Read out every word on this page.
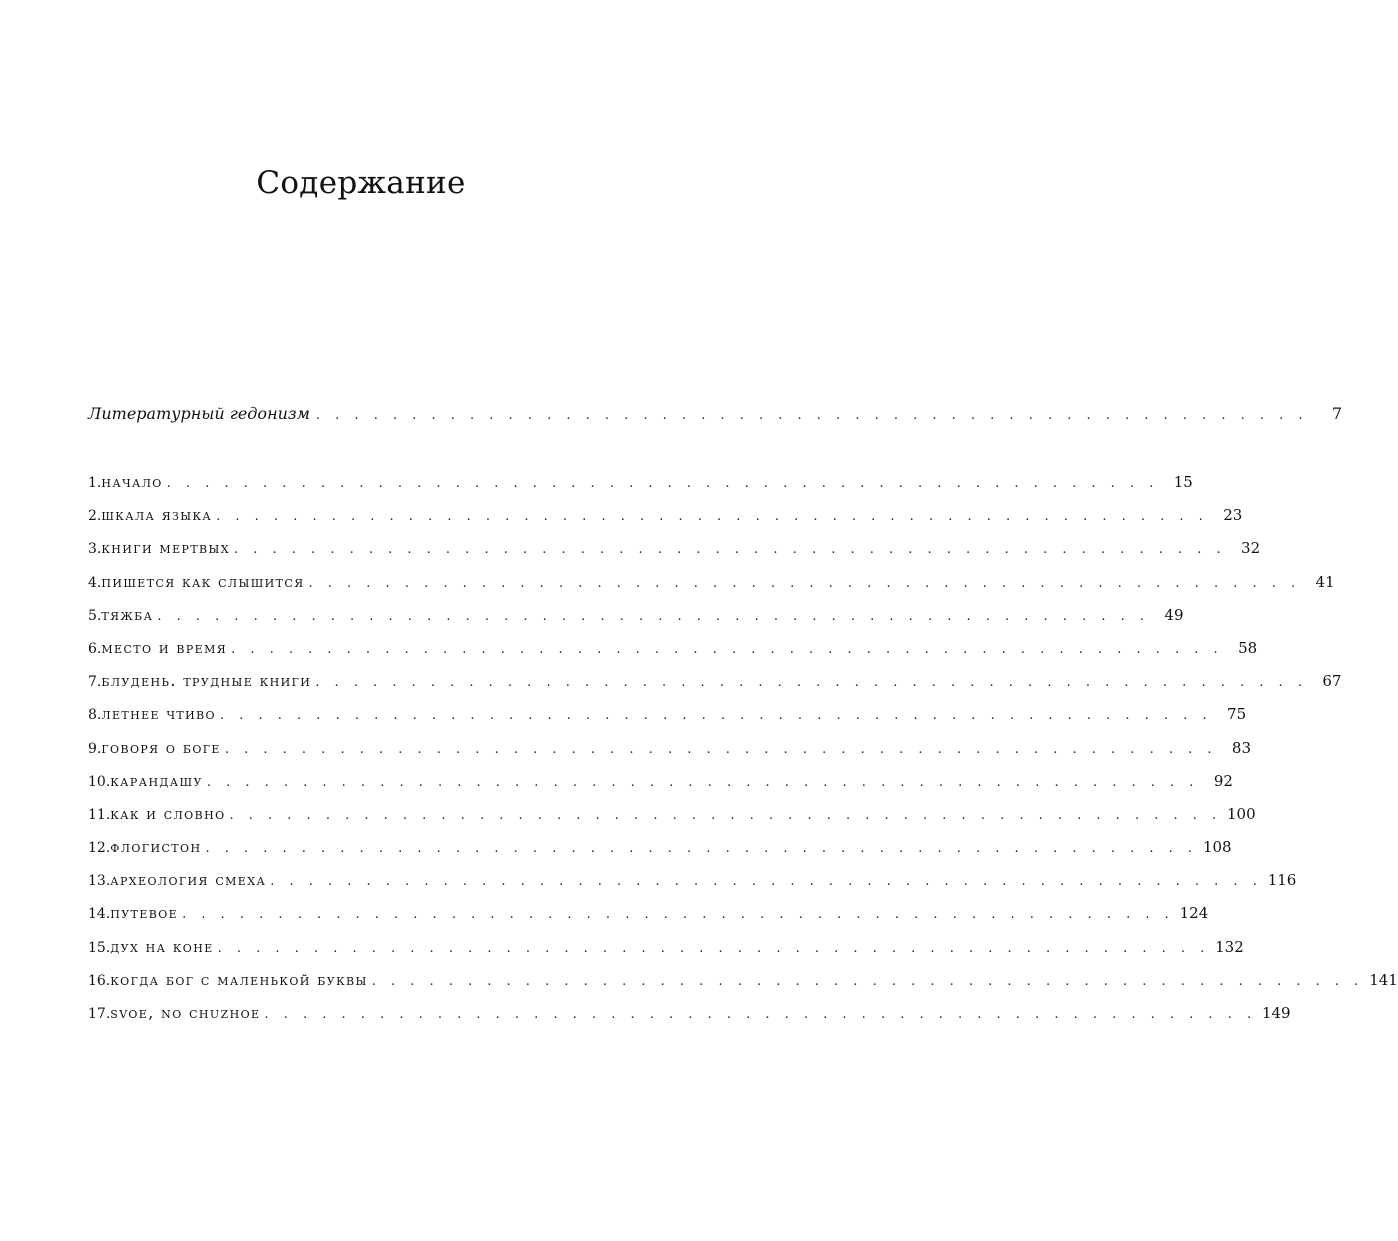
Содержание
Литературный гедонизм . . . . . . . . . . . . . . . . . . . . . . . . . . . . . . . . . . . . . . . . . . . . . . . . . . . .	7
1. начало . . . . . . . . . . . . . . . . . . . . . . . . . . . . . . . . . . . . . . . . . . . . . . . . . . . . 15
2. шкала языка . . . . . . . . . . . . . . . . . . . . . . . . . . . . . . . . . . . . . . . . . . . . . . . . . . . . 23
3. книги мертвых . . . . . . . . . . . . . . . . . . . . . . . . . . . . . . . . . . . . . . . . . . . . . . . . . . . . 32
4. пишется как слышится . . . . . . . . . . . . . . . . . . . . . . . . . . . . . . . . . . . . . . . . . . . . . . . . . . . . 41
5. тяжба . . . . . . . . . . . . . . . . . . . . . . . . . . . . . . . . . . . . . . . . . . . . . . . . . . . . 49
6. место и время . . . . . . . . . . . . . . . . . . . . . . . . . . . . . . . . . . . . . . . . . . . . . . . . . . . . 58
7. блудень. трудные книги . . . . . . . . . . . . . . . . . . . . . . . . . . . . . . . . . . . . . . . . . . . . . . . . . . . . 67
8. летнее чтиво . . . . . . . . . . . . . . . . . . . . . . . . . . . . . . . . . . . . . . . . . . . . . . . . . . . . 75
9. говоря о боге . . . . . . . . . . . . . . . . . . . . . . . . . . . . . . . . . . . . . . . . . . . . . . . . . . . . 83
10. карандашу . . . . . . . . . . . . . . . . . . . . . . . . . . . . . . . . . . . . . . . . . . . . . . . . . . . . 92
11. как и словно . . . . . . . . . . . . . . . . . . . . . . . . . . . . . . . . . . . . . . . . . . . . . . . . . . . . 100
12. флогистон . . . . . . . . . . . . . . . . . . . . . . . . . . . . . . . . . . . . . . . . . . . . . . . . . . . . 108
13. археология смеха . . . . . . . . . . . . . . . . . . . . . . . . . . . . . . . . . . . . . . . . . . . . . . . . . . . . 116
14. путевое . . . . . . . . . . . . . . . . . . . . . . . . . . . . . . . . . . . . . . . . . . . . . . . . . . . . 124
15. дух на коне . . . . . . . . . . . . . . . . . . . . . . . . . . . . . . . . . . . . . . . . . . . . . . . . . . . . 132
16. когда бог с маленькой буквы . . . . . . . . . . . . . . . . . . . . . . . . . . . . . . . . . . . . . . . . . . . . . . . . . . . . 141
17. svoe, no chuzhoe . . . . . . . . . . . . . . . . . . . . . . . . . . . . . . . . . . . . . . . . . . . . . . . . . . . . 149
